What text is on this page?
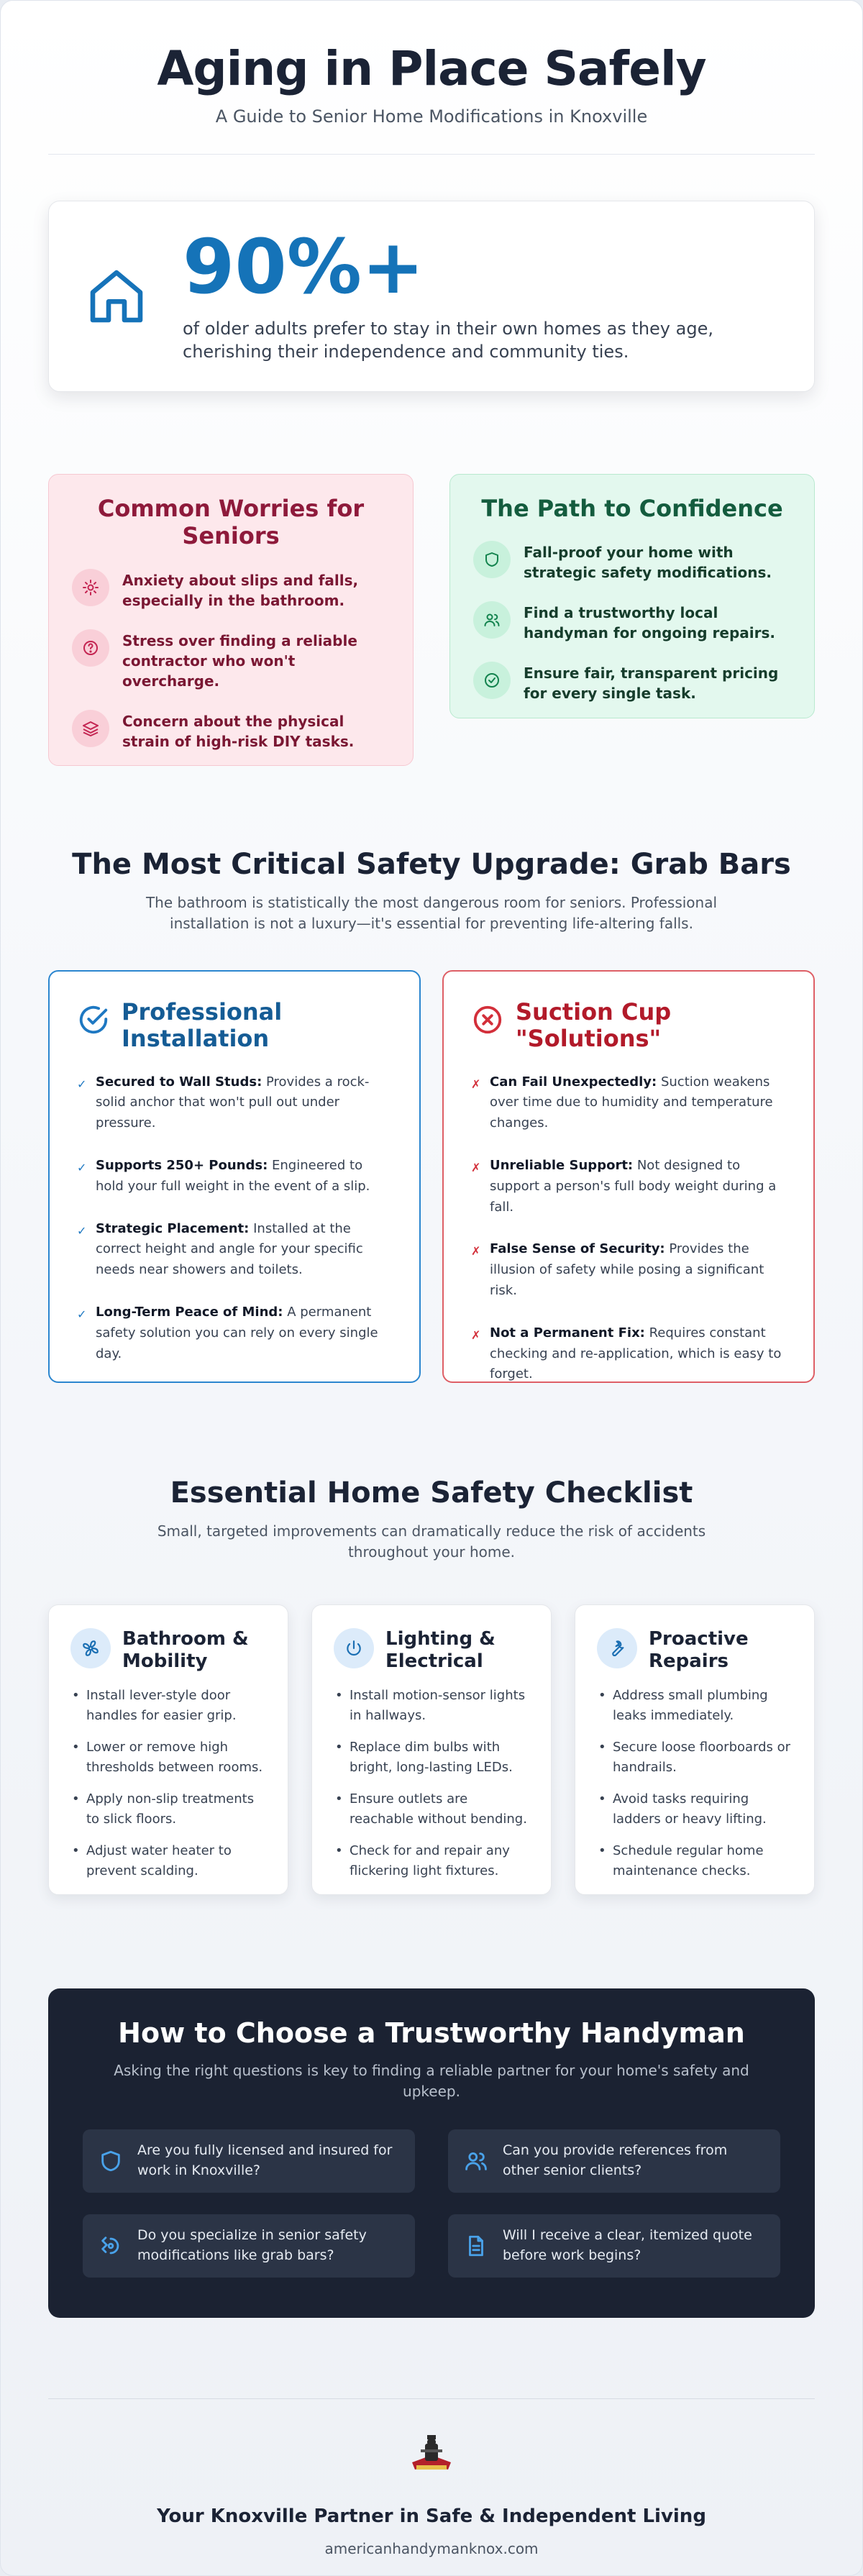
Aging in Place Safely
A Guide to Senior Home Modifications in Knoxville
90%+
of older adults prefer to stay in their own homes as they age, cherishing their independence and community ties.
Common Worries for Seniors
Anxiety about slips and falls, especially in the bathroom.
Stress over finding a reliable contractor who won't overcharge.
Concern about the physical strain of high-risk DIY tasks.
The Path to Confidence
Fall-proof your home with strategic safety modifications.
Find a trustworthy local handyman for ongoing repairs.
Ensure fair, transparent pricing for every single task.
The Most Critical Safety Upgrade: Grab Bars

The bathroom is statistically the most dangerous room for seniors. Professional installation is not a luxury—it's essential for preventing life-altering falls.

Professional Installation
✓ Secured to Wall Studs: Provides a rock-solid anchor that won't pull out under pressure.
✓ Supports 250+ Pounds: Engineered to hold your full weight in the event of a slip.
✓ Strategic Placement: Installed at the correct height and angle for your specific needs near showers and toilets.
✓ Long-Term Peace of Mind: A permanent safety solution you can rely on every single day.
Suction Cup "Solutions"
✗ Can Fail Unexpectedly: Suction weakens over time due to humidity and temperature changes.
✗ Unreliable Support: Not designed to support a person's full body weight during a fall.
✗ False Sense of Security: Provides the illusion of safety while posing a significant risk.
✗ Not a Permanent Fix: Requires constant checking and re-application, which is easy to forget.
Essential Home Safety Checklist

Small, targeted improvements can dramatically reduce the risk of accidents throughout your home.

Bathroom & Mobility
• Install lever-style door handles for easier grip.
• Lower or remove high thresholds between rooms.
• Apply non-slip treatments to slick floors.
• Adjust water heater to prevent scalding.
Lighting & Electrical
• Install motion-sensor lights in hallways.
• Replace dim bulbs with bright, long-lasting LEDs.
• Ensure outlets are reachable without bending.
• Check for and repair any flickering light fixtures.
Proactive Repairs
• Address small plumbing leaks immediately.
• Secure loose floorboards or handrails.
• Avoid tasks requiring ladders or heavy lifting.
• Schedule regular home maintenance checks.
How to Choose a Trustworthy Handyman

Asking the right questions is key to finding a reliable partner for your home's safety and upkeep.

Are you fully licensed and insured for work in Knoxville?
Can you provide references from other senior clients?
Do you specialize in senior safety modifications like grab bars?
Will I receive a clear, itemized quote before work begins?
Your Knoxville Partner in Safe & Independent Living
americanhandymanknox.com
